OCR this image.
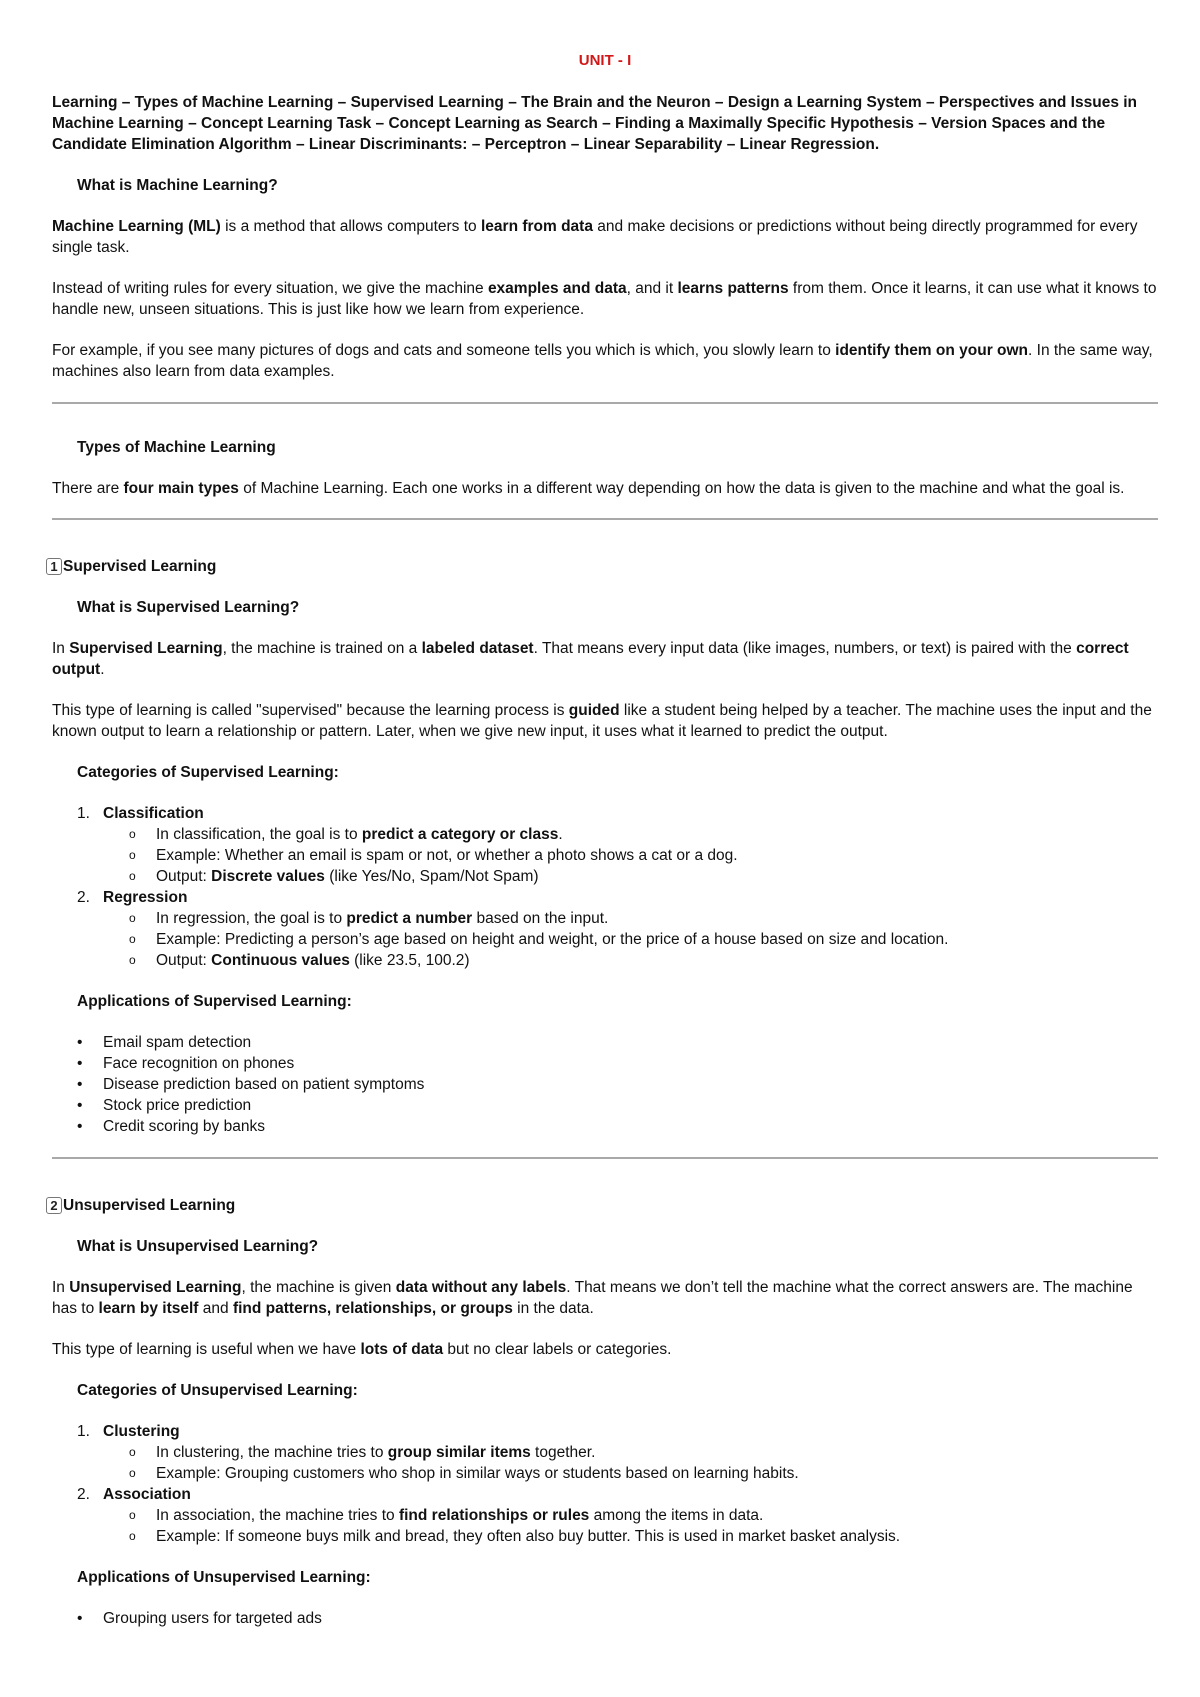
UNIT - I

Learning – Types of Machine Learning – Supervised Learning – The Brain and the Neuron – Design a Learning System – Perspectives and Issues in Machine Learning – Concept Learning Task – Concept Learning as Search – Finding a Maximally Specific Hypothesis – Version Spaces and the Candidate Elimination Algorithm – Linear Discriminants: – Perceptron – Linear Separability – Linear Regression.

What is Machine Learning?

Machine Learning (ML) is a method that allows computers to learn from data and make decisions or predictions without being directly programmed for every single task.

Instead of writing rules for every situation, we give the machine examples and data, and it learns patterns from them. Once it learns, it can use what it knows to handle new, unseen situations. This is just like how we learn from experience.

For example, if you see many pictures of dogs and cats and someone tells you which is which, you slowly learn to identify them on your own. In the same way, machines also learn from data examples.

Types of Machine Learning

There are four main types of Machine Learning. Each one works in a different way depending on how the data is given to the machine and what the goal is.

1 Supervised Learning

What is Supervised Learning?

In Supervised Learning, the machine is trained on a labeled dataset. That means every input data (like images, numbers, or text) is paired with the correct output.

This type of learning is called "supervised" because the learning process is guided like a student being helped by a teacher. The machine uses the input and the known output to learn a relationship or pattern. Later, when we give new input, it uses what it learned to predict the output.

Categories of Supervised Learning:

1. Classification
o	In classification, the goal is to predict a category or class.
o	Example: Whether an email is spam or not, or whether a photo shows a cat or a dog.
o	Output: Discrete values (like Yes/No, Spam/Not Spam)
2. Regression
o	In regression, the goal is to predict a number based on the input.
o	Example: Predicting a person’s age based on height and weight, or the price of a house based on size and location.
o	Output: Continuous values (like 23.5, 100.2)

Applications of Supervised Learning:

•	Email spam detection
•	Face recognition on phones
•	Disease prediction based on patient symptoms
•	Stock price prediction
•	Credit scoring by banks

2 Unsupervised Learning

What is Unsupervised Learning?

In Unsupervised Learning, the machine is given data without any labels. That means we don’t tell the machine what the correct answers are. The machine has to learn by itself and find patterns, relationships, or groups in the data.

This type of learning is useful when we have lots of data but no clear labels or categories.

Categories of Unsupervised Learning:

1. Clustering
o	In clustering, the machine tries to group similar items together.
o	Example: Grouping customers who shop in similar ways or students based on learning habits.
2. Association
o	In association, the machine tries to find relationships or rules among the items in data.
o	Example: If someone buys milk and bread, they often also buy butter. This is used in market basket analysis.

Applications of Unsupervised Learning:

•	Grouping users for targeted ads
